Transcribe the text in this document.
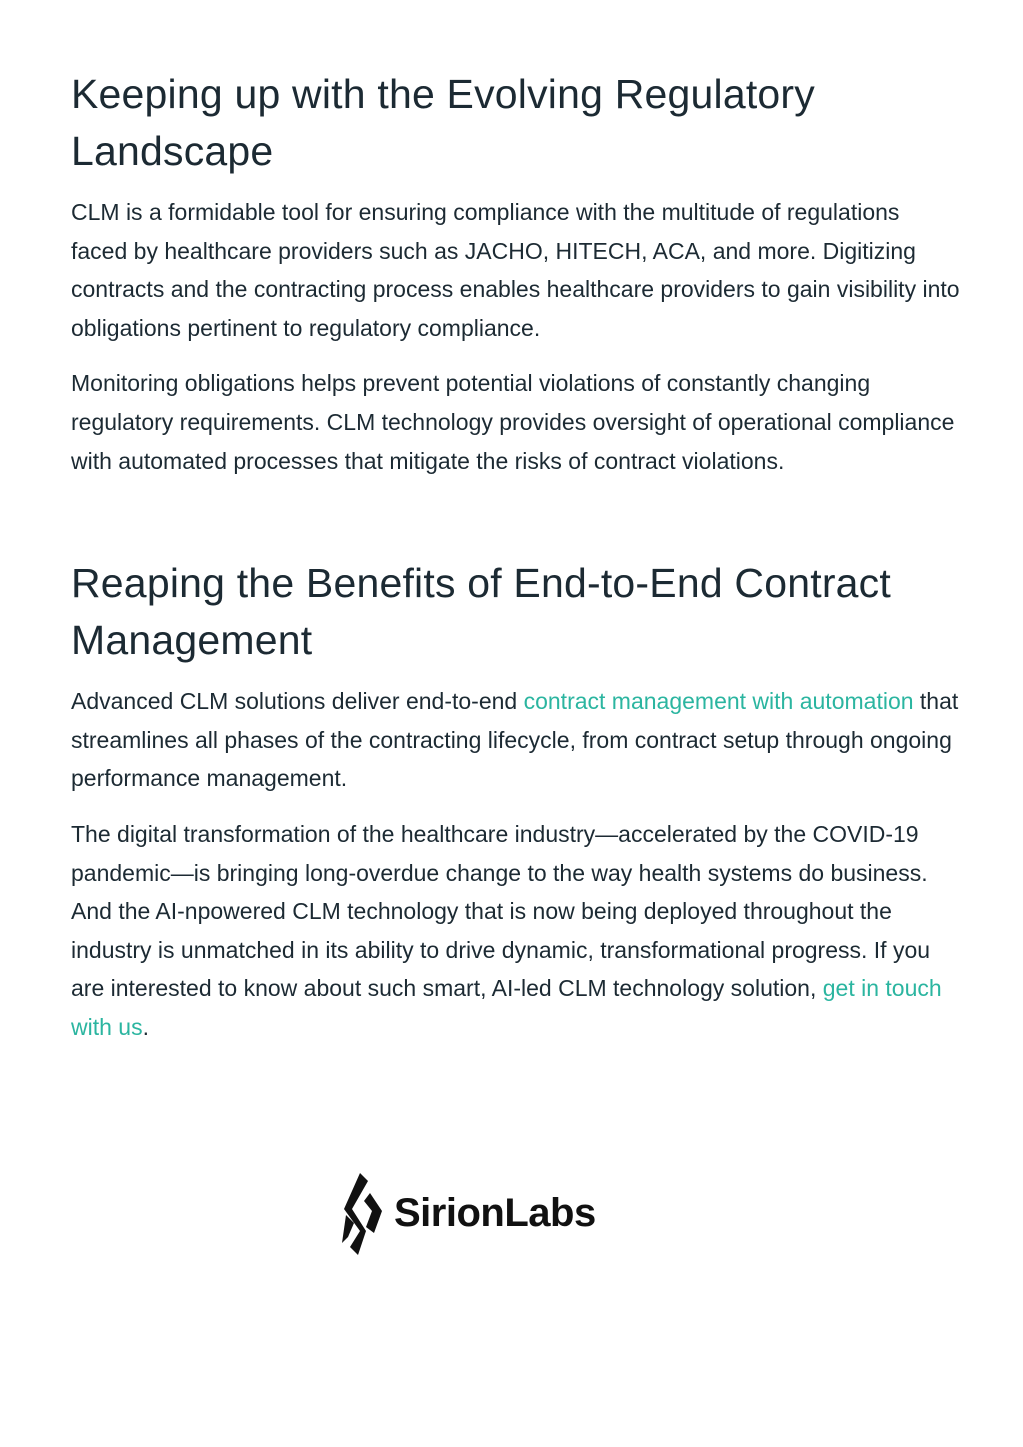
Keeping up with the Evolving Regulatory Landscape

CLM is a formidable tool for ensuring compliance with the multitude of regulations faced by healthcare providers such as JACHO, HITECH, ACA, and more. Digitizing contracts and the contracting process enables healthcare providers to gain visibility into obligations pertinent to regulatory compliance.

Monitoring obligations helps prevent potential violations of constantly changing regulatory requirements. CLM technology provides oversight of operational compliance with automated processes that mitigate the risks of contract violations.

Reaping the Benefits of End-to-End Contract Management

Advanced CLM solutions deliver end-to-end contract management with automation that streamlines all phases of the contracting lifecycle, from contract setup through ongoing performance management.

The digital transformation of the healthcare industry—accelerated by the COVID-19 pandemic—is bringing long-overdue change to the way health systems do business. And the AI-npowered CLM technology that is now being deployed throughout the industry is unmatched in its ability to drive dynamic, transformational progress. If you are interested to know about such smart, AI-led CLM technology solution, get in touch with us.

SirionLabs
